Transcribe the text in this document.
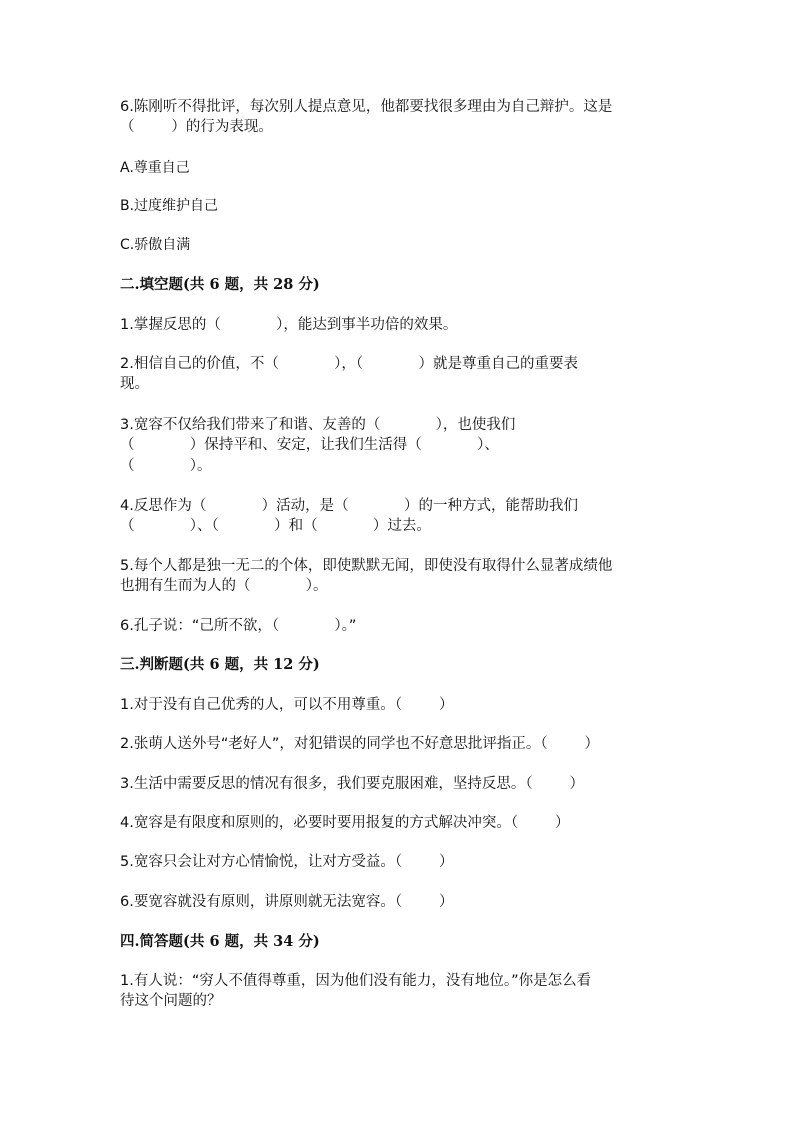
6.陈刚听不得批评，每次别人提点意见，他都要找很多理由为自己辩护。这是
（        ）的行为表现。
A.尊重自己
B.过度维护自己
C.骄傲自满
二.填空题(共 6 题，共 28 分)
1.掌握反思的（            ），能达到事半功倍的效果。
2.相信自己的价值，不（            ），（            ）就是尊重自己的重要表
现。
3.宽容不仅给我们带来了和谐、友善的（            ），也使我们
（            ）保持平和、安定，让我们生活得（            ）、
（            ）。
4.反思作为（            ）活动，是（            ）的一种方式，能帮助我们
（            ）、（            ）和（            ）过去。
5.每个人都是独一无二的个体，即使默默无闻，即使没有取得什么显著成绩他
也拥有生而为人的（            ）。
6.孔子说：“己所不欲，（            ）。”
三.判断题(共 6 题，共 12 分)
1.对于没有自己优秀的人，可以不用尊重。（        ）
2.张萌人送外号“老好人”，对犯错误的同学也不好意思批评指正。（        ）
3.生活中需要反思的情况有很多，我们要克服困难，坚持反思。（        ）
4.宽容是有限度和原则的，必要时要用报复的方式解决冲突。（        ）
5.宽容只会让对方心情愉悦，让对方受益。（        ）
6.要宽容就没有原则，讲原则就无法宽容。（        ）
四.简答题(共 6 题，共 34 分)
1.有人说：“穷人不值得尊重，因为他们没有能力，没有地位。”你是怎么看
待这个问题的？
